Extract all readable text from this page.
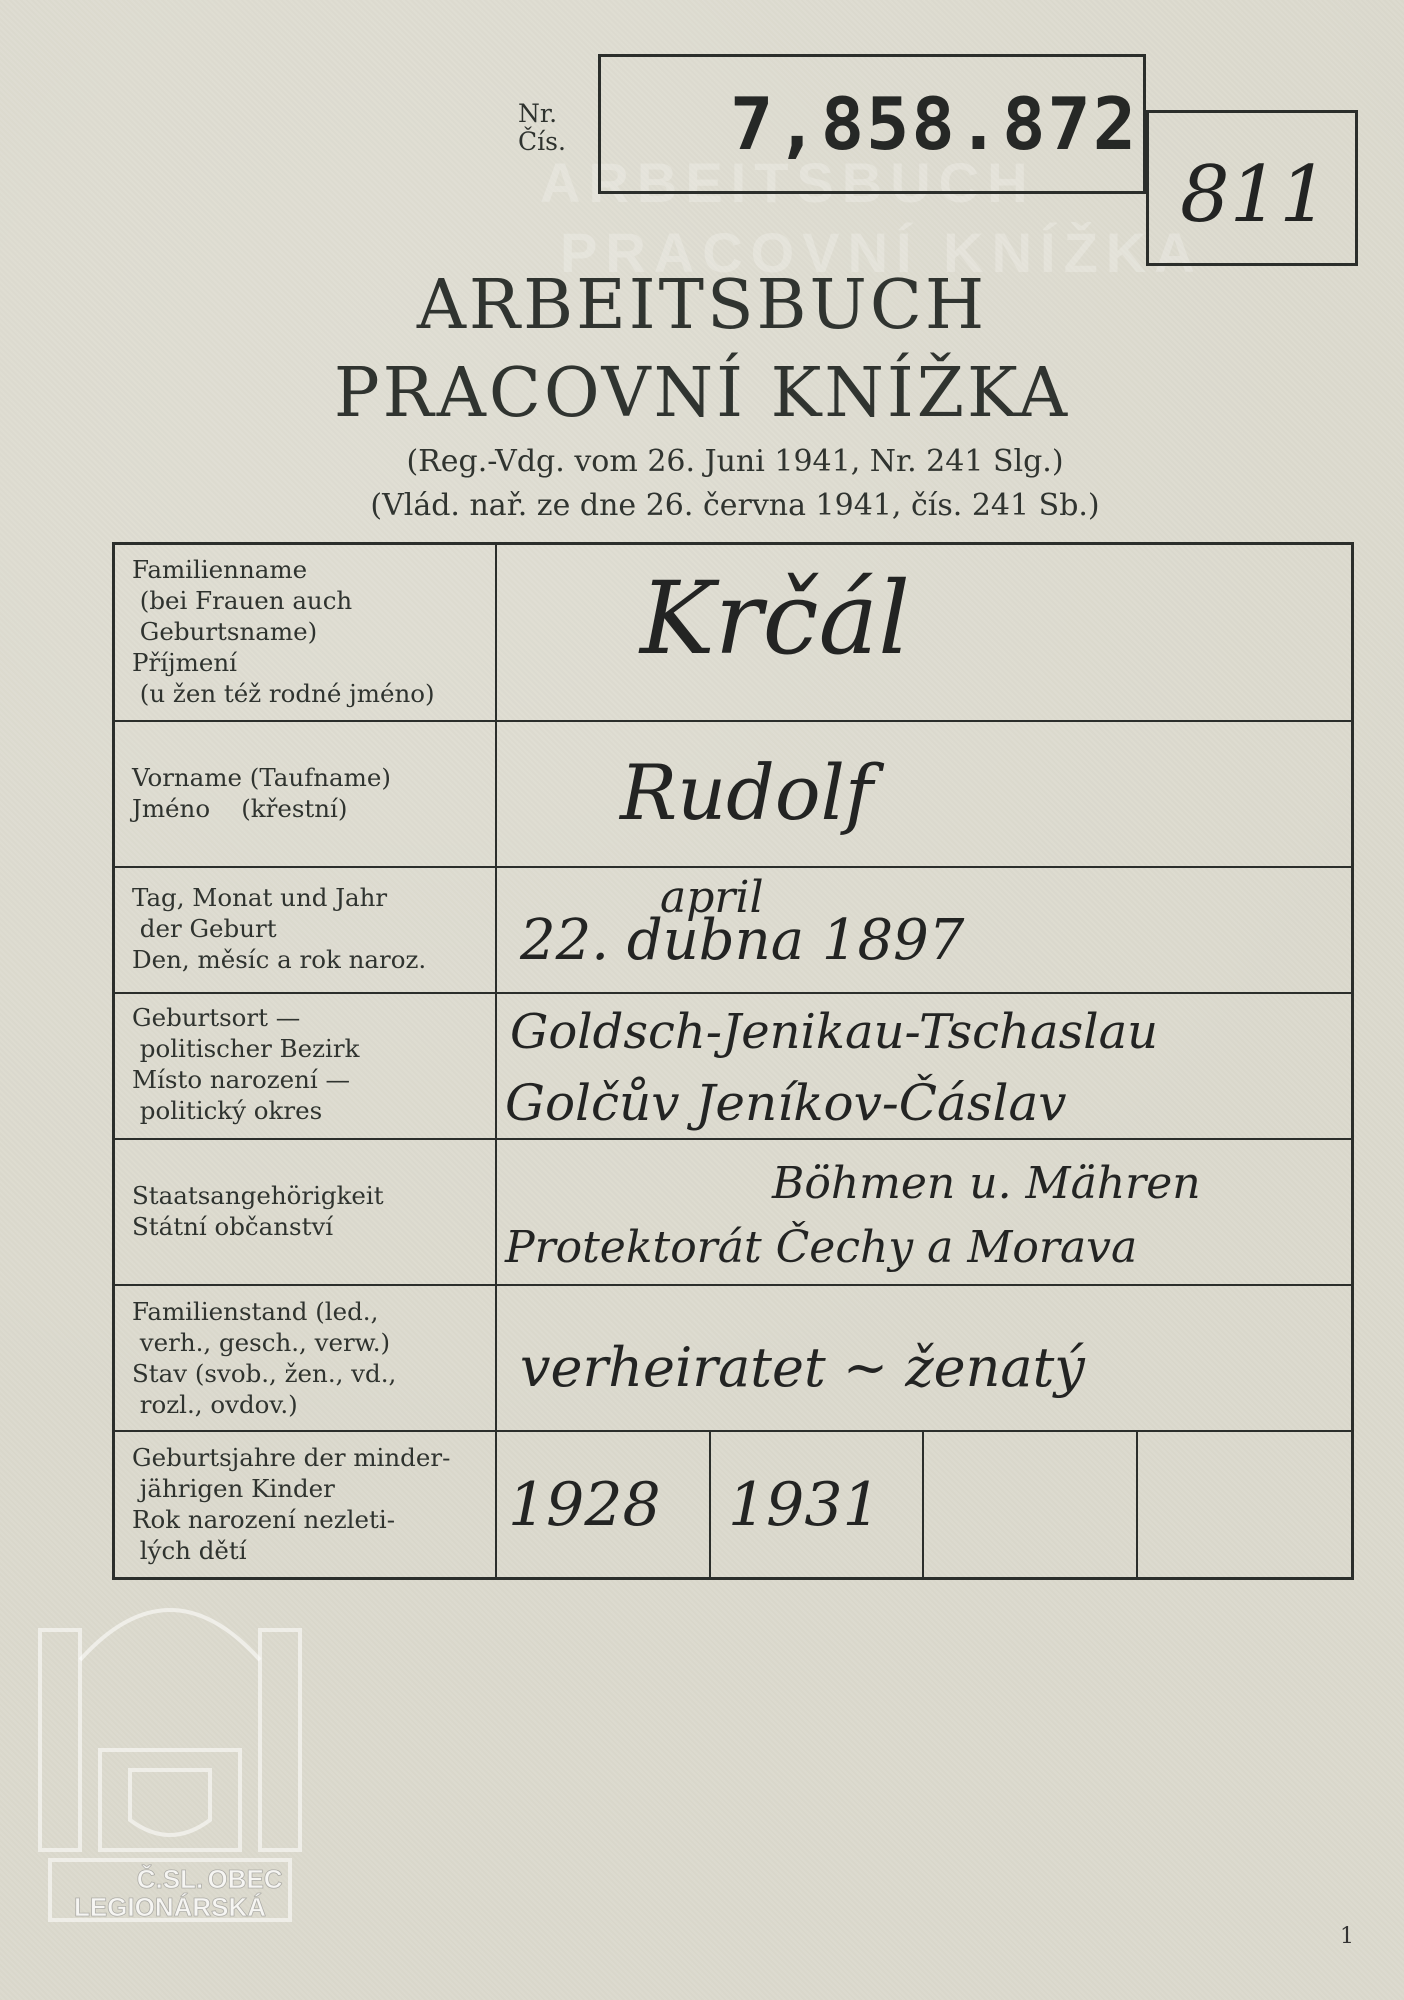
ARBEITSBUCH
PRACOVNÍ KNÍŽKA
Nr.
Čís. 7,858.872
811
ARBEITSBUCH
PRACOVNÍ KNÍŽKA
(Reg.-Vdg. vom 26. Juni 1941, Nr. 241 Slg.)
(Vlád. nař. ze dne 26. června 1941, čís. 241 Sb.)
Familienname
(bei Frauen auch
Geburtsname)
Příjmení
(u žen též rodné jméno)
Vorname (Taufname)
Jméno    (křestní)
Tag, Monat und Jahr
der Geburt
Den, měsíc a rok naroz.
Geburtsort —
politischer Bezirk
Místo narození —
politický okres
Staatsangehörigkeit
Státní občanství
Familienstand (led.,
verh., gesch., verw.)
Stav (svob., žen., vd.,
rozl., ovdov.)
Geburtsjahre der minder-
jährigen Kinder
Rok narození nezleti-
lých dětí
Krčál
Rudolf
april
22. dubna 1897
Goldsch-Jenikau-Tschaslau
Golčův Jeníkov-Čáslav
Böhmen u. Mähren
Protektorát Čechy a Morava
verheiratet ~ ženatý
1928 1931
Č.SL. OBEC
LEGIONÁRSKÁ
1
